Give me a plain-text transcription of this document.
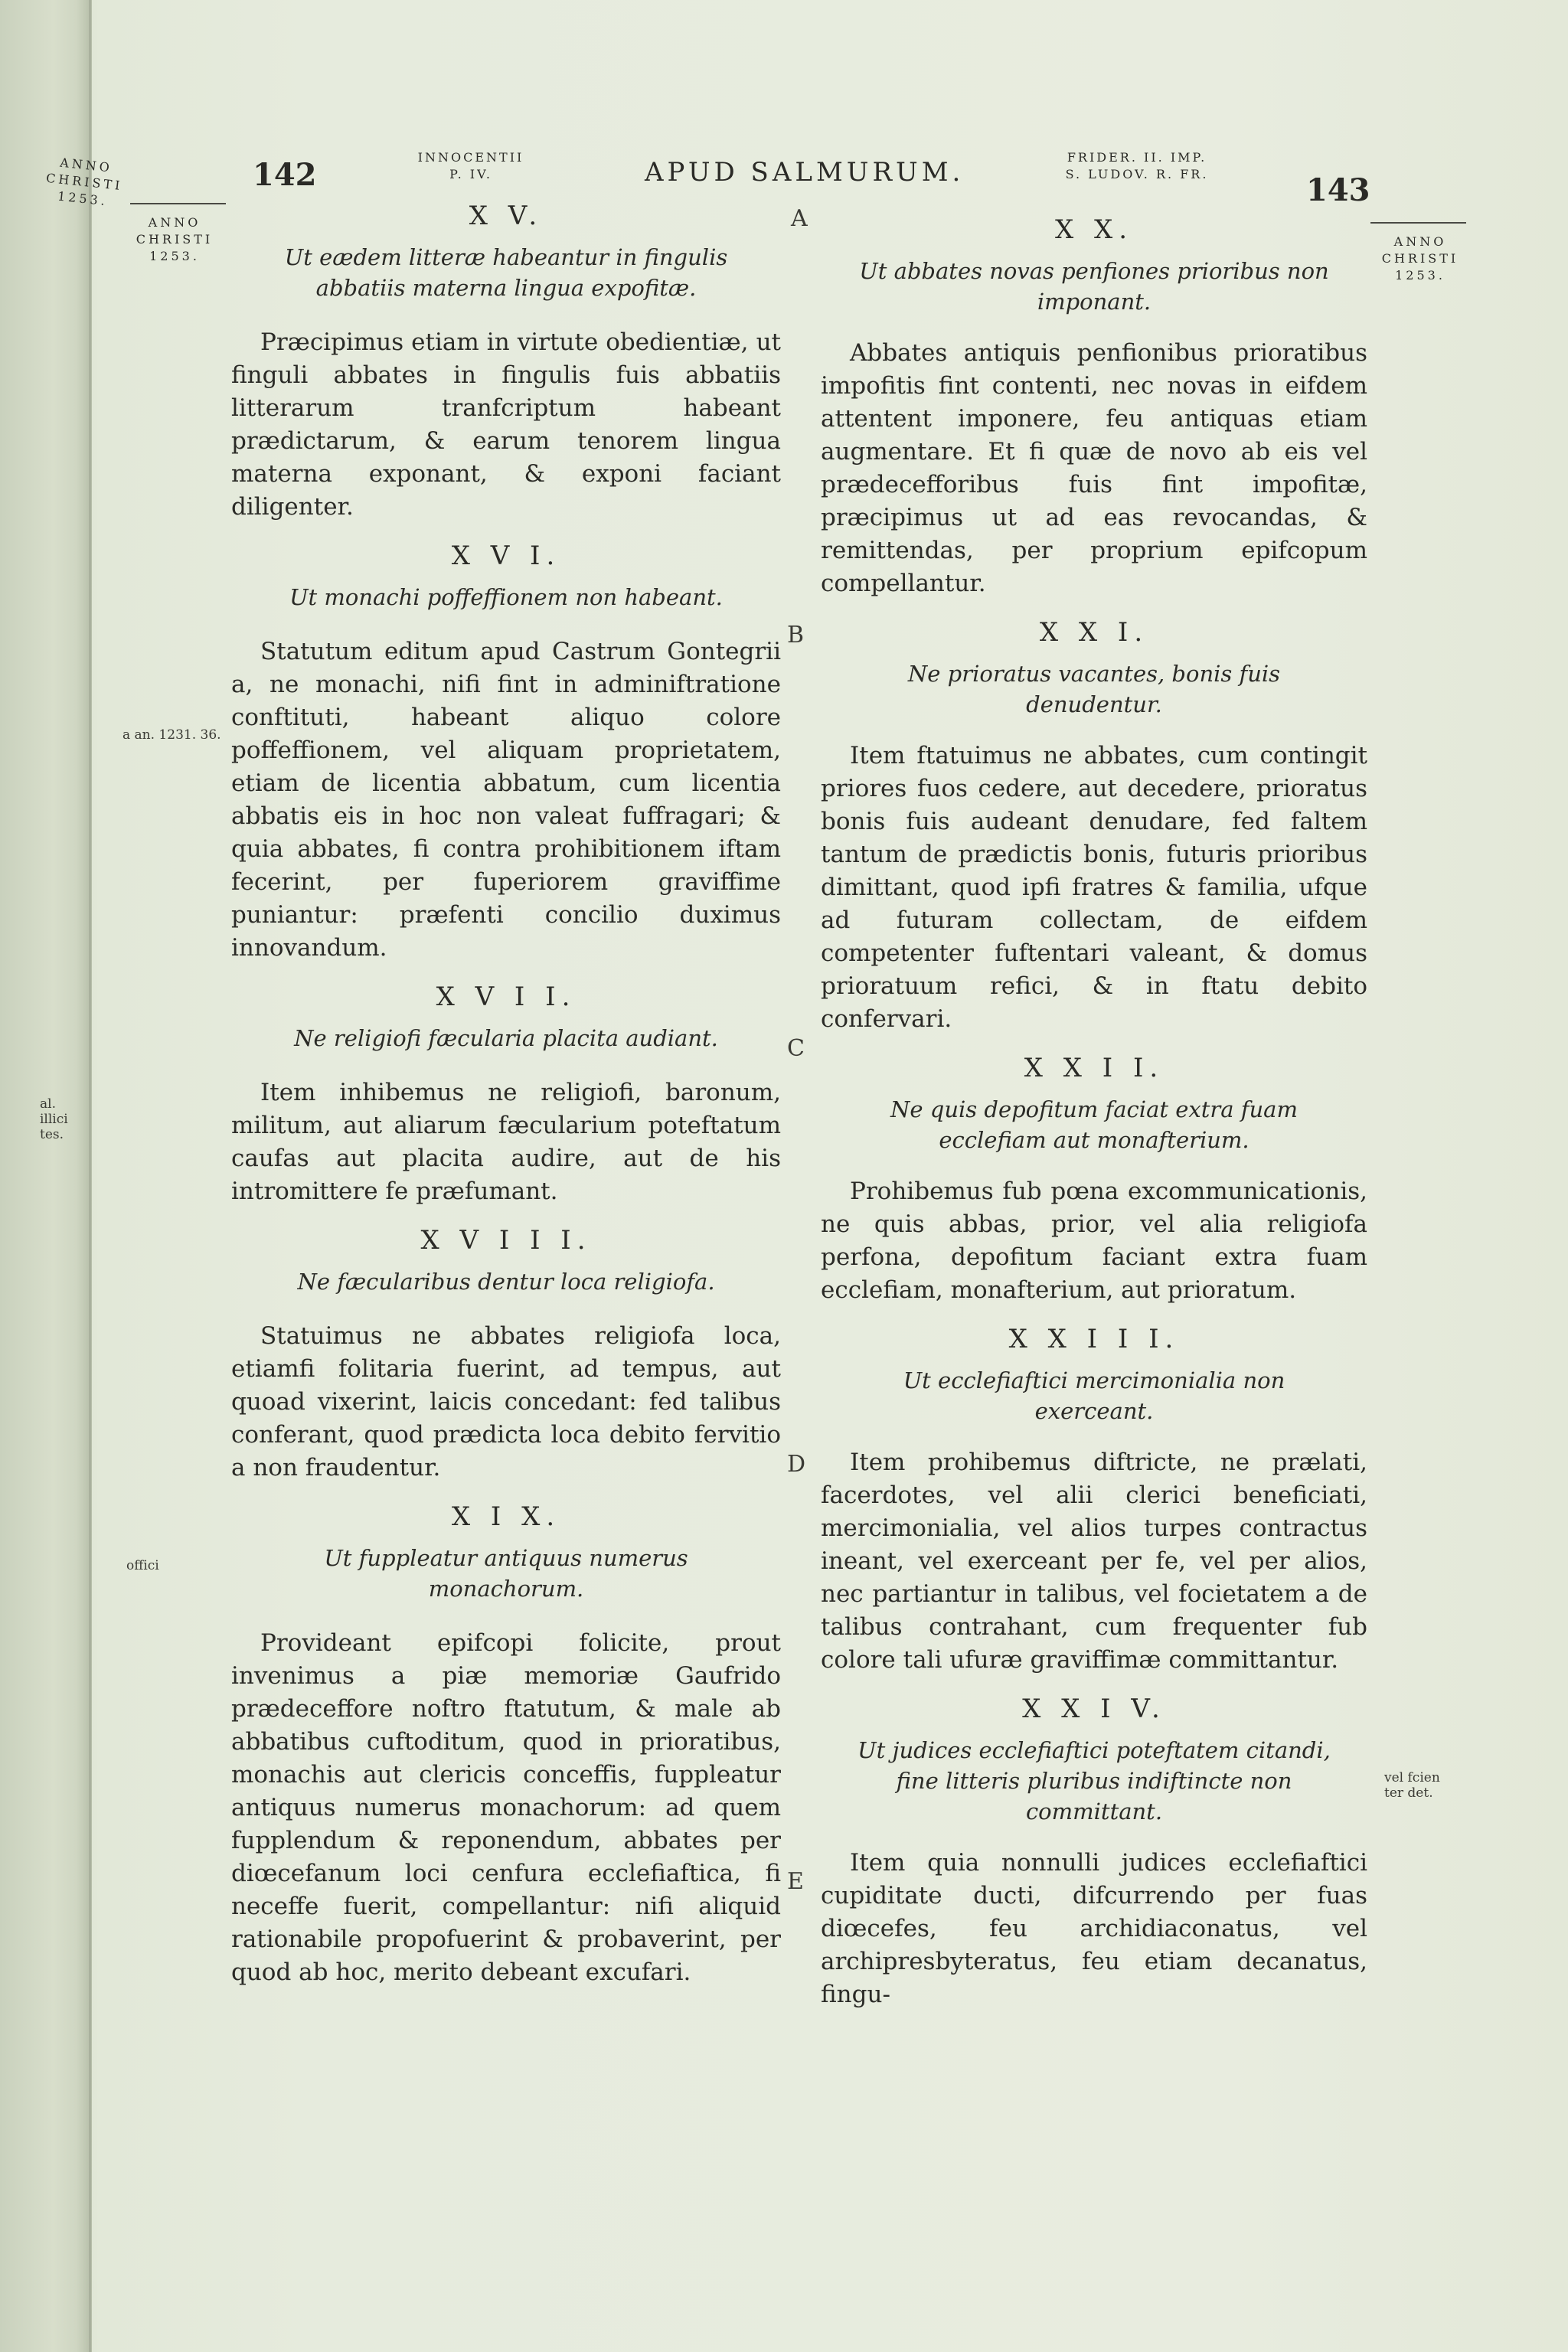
ANNO
CHRISTI
1253.
142	INNOCENTII
P. IV.	APUD SALMURUM.	FRIDER. II. IMP.
S. LUDOV. R. FR.	143
ANNO
CHRISTI
1253.
ANNO
CHRISTI
1253.
A
B
C
D
E
a an. 1231. 36.
al. illici tes.
offici
vel fcien ter det.
X V.
Ut eædem litteræ habeantur in fingulis abbatiis materna lingua expofitæ.

Præcipimus etiam in virtute obedientiæ, ut finguli abbates in fingulis fuis abbatiis litterarum tranfcriptum habeant prædictarum, & earum tenorem lingua materna exponant, & exponi faciant diligenter.

X V I.
Ut monachi poffeffionem non habeant.

Statutum editum apud Castrum Gontegrii a, ne monachi, nifi fint in adminiftratione conftituti, habeant aliquo colore poffeffionem, vel aliquam proprietatem, etiam de licentia abbatum, cum licentia abbatis eis in hoc non valeat fuffragari; & quia abbates, fi contra prohibitionem iftam fecerint, per fuperiorem graviffime puniantur: præfenti concilio duximus innovandum.

X V I I.
Ne religiofi fæcularia placita audiant.

Item inhibemus ne religiofi, baronum, militum, aut aliarum fæcularium poteftatum caufas aut placita audire, aut de his intromittere fe præfumant.

X V I I I.
Ne fæcularibus dentur loca religiofa.

Statuimus ne abbates religiofa loca, etiamfi folitaria fuerint, ad tempus, aut quoad vixerint, laicis concedant: fed talibus conferant, quod prædicta loca debito fervitio a non fraudentur.

X I X.
Ut fuppleatur antiquus numerus monachorum.

Provideant epifcopi folicite, prout invenimus a piæ memoriæ Gaufrido prædeceffore noftro ftatutum, & male ab abbatibus cuftoditum, quod in prioratibus, monachis aut clericis conceffis, fuppleatur antiquus numerus monachorum: ad quem fupplendum & reponendum, abbates per diœcefanum loci cenfura ecclefiaftica, fi neceffe fuerit, compellantur: nifi aliquid rationabile propofuerint & probaverint, per quod ab hoc, merito debeant excufari.

X X.
Ut abbates novas penfiones prioribus non imponant.

Abbates antiquis penfionibus prioratibus impofitis fint contenti, nec novas in eifdem attentent imponere, feu antiquas etiam augmentare. Et fi quæ de novo ab eis vel prædecefforibus fuis fint impofitæ, præcipimus ut ad eas revocandas, & remittendas, per proprium epifcopum compellantur.

X X I.
Ne prioratus vacantes, bonis fuis denudentur.

Item ftatuimus ne abbates, cum contingit priores fuos cedere, aut decedere, prioratus bonis fuis audeant denudare, fed faltem tantum de prædictis bonis, futuris prioribus dimittant, quod ipfi fratres & familia, ufque ad futuram collectam, de eifdem competenter fuftentari valeant, & domus prioratuum refici, & in ftatu debito confervari.

X X I I.
Ne quis depofitum faciat extra fuam ecclefiam aut monafterium.

Prohibemus fub pœna excommunicationis, ne quis abbas, prior, vel alia religiofa perfona, depofitum faciant extra fuam ecclefiam, monafterium, aut prioratum.

X X I I I.
Ut ecclefiaftici mercimonialia non exerceant.

Item prohibemus diftricte, ne prælati, facerdotes, vel alii clerici beneficiati, mercimonialia, vel alios turpes contractus ineant, vel exerceant per fe, vel per alios, nec partiantur in talibus, vel focietatem a de talibus contrahant, cum frequenter fub colore tali ufuræ graviffimæ committantur.

X X I V.
Ut judices ecclefiaftici poteftatem citandi, fine litteris pluribus indiftincte non committant.

Item quia nonnulli judices ecclefiaftici cupiditate ducti, difcurrendo per fuas diœcefes, feu archidiaconatus, vel archipresbyteratus, feu etiam decanatus, fingu-
